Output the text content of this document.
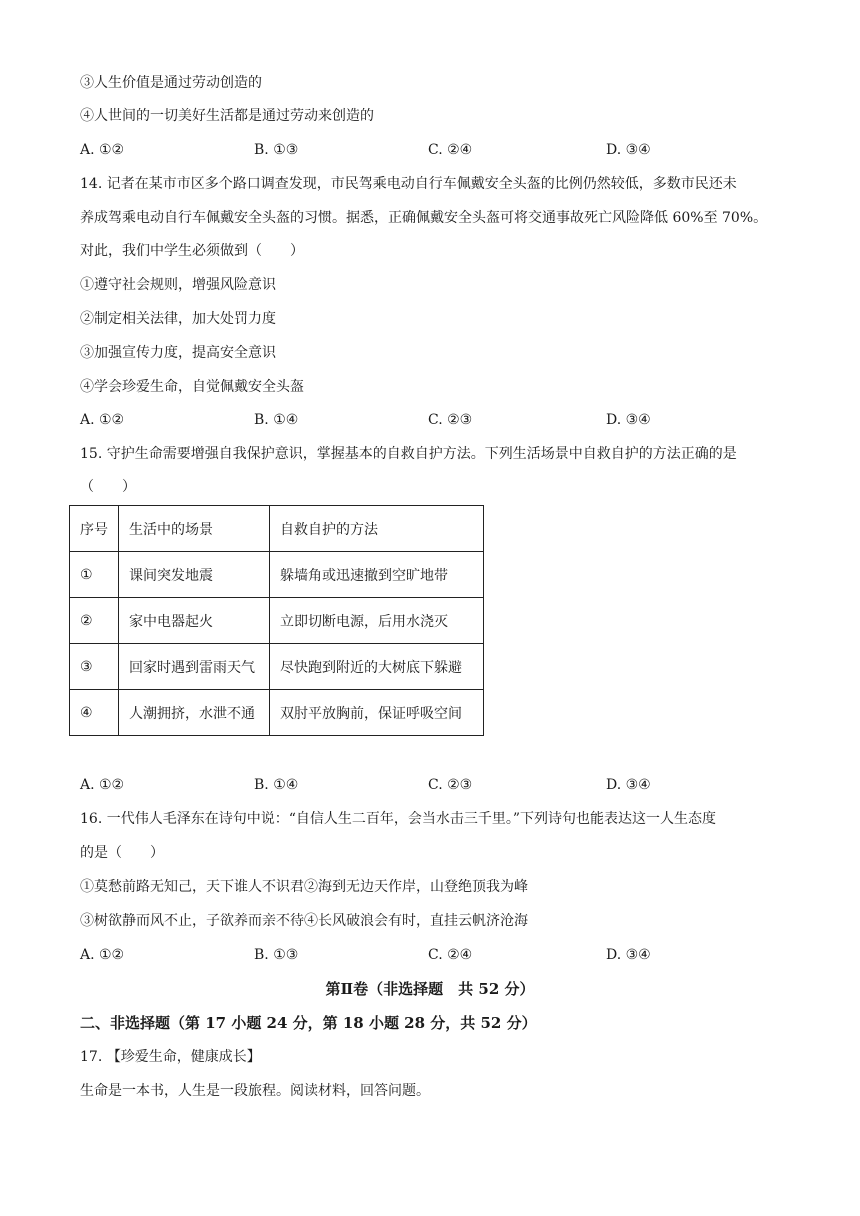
③人生价值是通过劳动创造的
④人世间的一切美好生活都是通过劳动来创造的
A. ①②	B. ①③	C. ②④	D. ③④
14. 记者在某市市区多个路口调查发现，市民驾乘电动自行车佩戴安全头盔的比例仍然较低，多数市民还未
养成驾乘电动自行车佩戴安全头盔的习惯。据悉，正确佩戴安全头盔可将交通事故死亡风险降低 60%至 70%。
对此，我们中学生必须做到（　　）
①遵守社会规则，增强风险意识
②制定相关法律，加大处罚力度
③加强宣传力度，提高安全意识
④学会珍爱生命，自觉佩戴安全头盔
A. ①②	B. ①④	C. ②③	D. ③④
15. 守护生命需要增强自我保护意识，掌握基本的自救自护方法。下列生活场景中自救自护的方法正确的是
（　　）
序号	生活中的场景	自救自护的方法
①	课间突发地震	躲墙角或迅速撤到空旷地带
②	家中电器起火	立即切断电源，后用水浇灭
③	回家时遇到雷雨天气	尽快跑到附近的大树底下躲避
④	人潮拥挤，水泄不通	双肘平放胸前，保证呼吸空间
A. ①②	B. ①④	C. ②③	D. ③④
16. 一代伟人毛泽东在诗句中说：“自信人生二百年，会当水击三千里。”下列诗句也能表达这一人生态度
的是（　　）
①莫愁前路无知己，天下谁人不识君②海到无边天作岸，山登绝顶我为峰
③树欲静而风不止，子欲养而亲不待④长风破浪会有时，直挂云帆济沧海
A. ①②	B. ①③	C. ②④	D. ③④
第Ⅱ卷（非选择题　共 52 分）
二、非选择题（第 17 小题 24 分，第 18 小题 28 分，共 52 分）
17. 【珍爱生命，健康成长】
生命是一本书，人生是一段旅程。阅读材料，回答问题。
